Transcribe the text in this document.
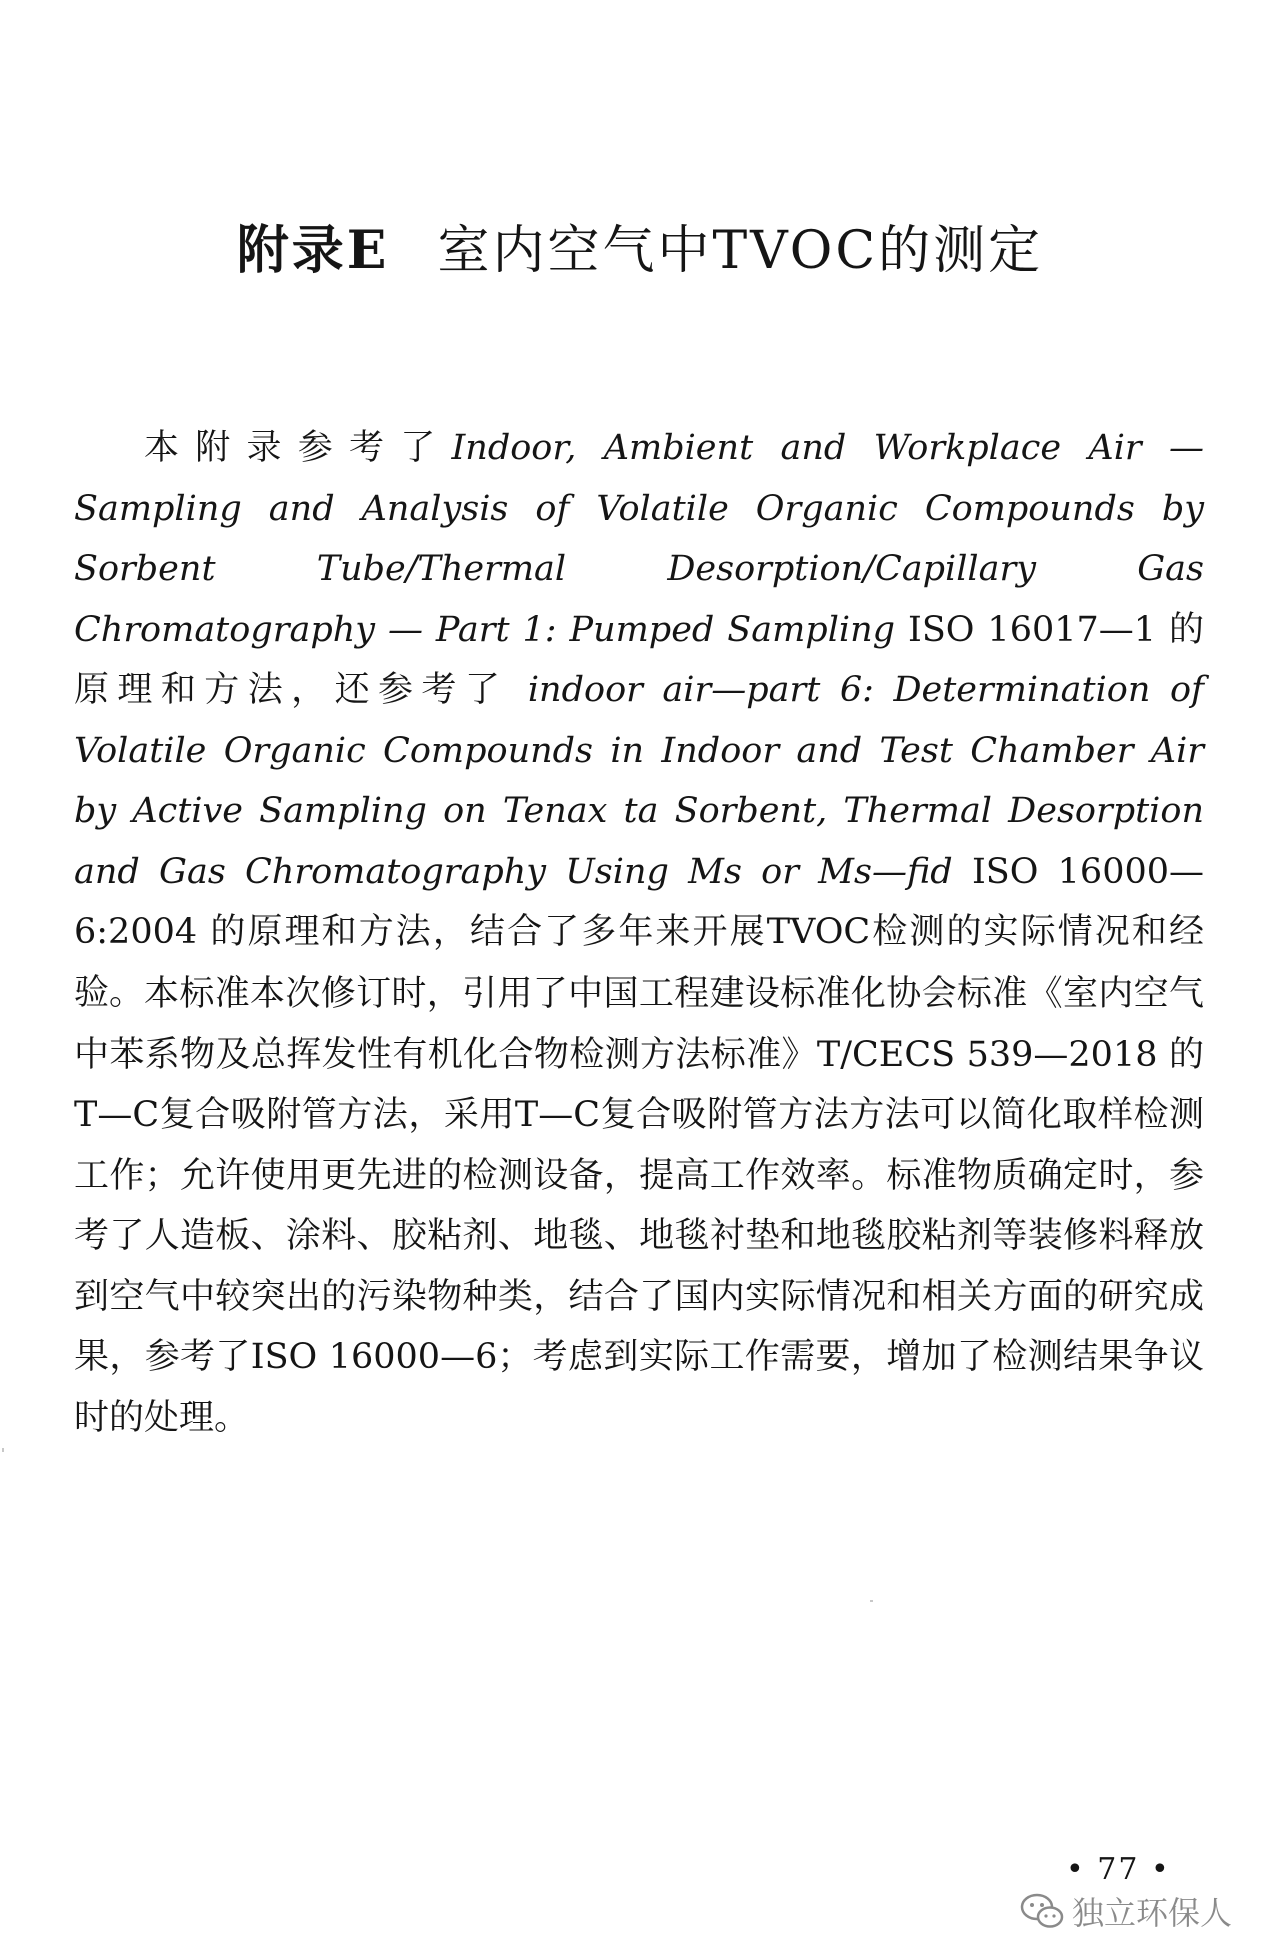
附录E 室内空气中TVOC的测定

本附录参考了Indoor, Ambient and Workplace Air — Sampling and Analysis of Volatile Organic Compounds by Sorbent Tube/Thermal Desorption/Capillary Gas Chromatography — Part 1: Pumped Sampling ISO 16017—1 的原理和方法，还参考了 indoor air—part 6: Determination of Volatile Organic Compounds in Indoor and Test Chamber Air by Active Sampling on Tenax ta Sorbent, Thermal Desorption and Gas Chromatography Using Ms or Ms—fid ISO 16000—6:2004 的原理和方法，结合了多年来开展TVOC检测的实际情况和经验。 本标准本次修订时，引用了中国工程建设标准化协会标准《室内空气中苯系物及总挥发性有机化合物检测方法标准》T/CECS 539—2018 的T—C复合吸附管方法，采用T—C复合吸附管方法方法可以简化取样检测工作；允许使用更先进的检测设备，提高工作效率。标准物质确定时，参考了人造板、涂料、胶粘剂、地毯、地毯衬垫和地毯胶粘剂等装修料释放到空气中较突出的污染物种类，结合了国内实际情况和相关方面的研究成果，参考了ISO 16000—6；考虑到实际工作需要，增加了检测结果争议时的处理。

• 77 •
独立环保人
